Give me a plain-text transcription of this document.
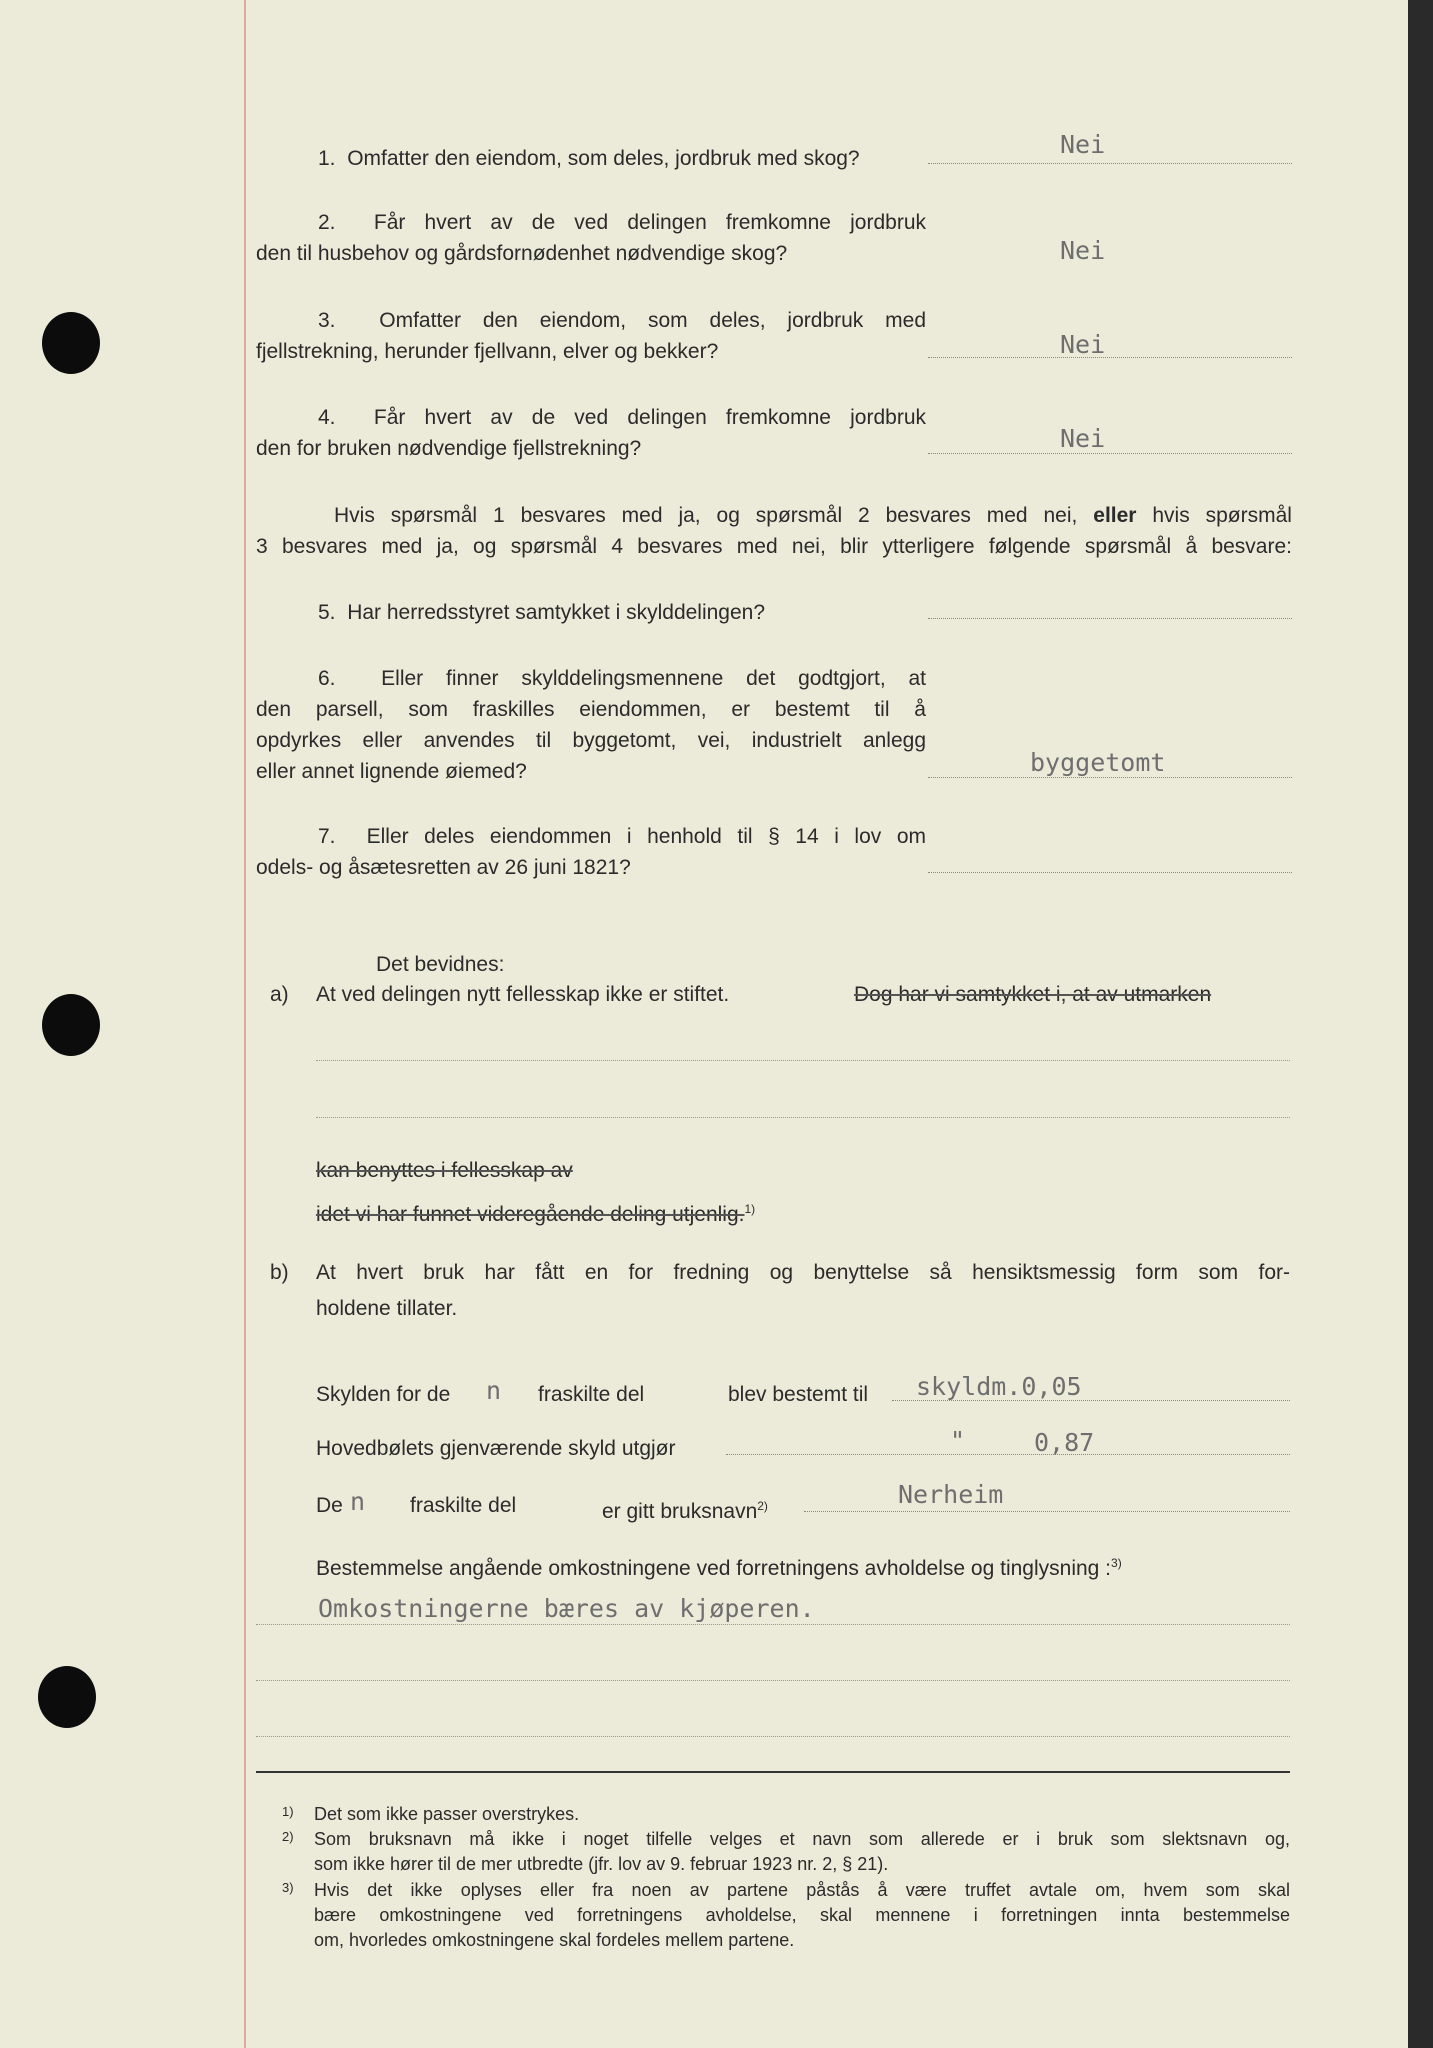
1. Omfatter den eiendom, som deles, jordbruk med skog?	Nei
2. Får hvert av de ved delingen fremkomne jordbruk
den til husbehov og gårdsfornødenhet nødvendige skog?	Nei
3. Omfatter den eiendom, som deles, jordbruk med
fjellstrekning, herunder fjellvann, elver og bekker?	Nei
4. Får hvert av de ved delingen fremkomne jordbruk
den for bruken nødvendige fjellstrekning?	Nei
Hvis spørsmål 1 besvares med ja, og spørsmål 2 besvares med nei, eller hvis spørsmål
3 besvares med ja, og spørsmål 4 besvares med nei, blir ytterligere følgende spørsmål å besvare:
5. Har herredsstyret samtykket i skylddelingen?
6. Eller finner skylddelingsmennene det godtgjort, at
den parsell, som fraskilles eiendommen, er bestemt til å
opdyrkes eller anvendes til byggetomt, vei, industrielt anlegg
eller annet lignende øiemed?	byggetomt
7. Eller deles eiendommen i henhold til § 14 i lov om
odels- og åsætesretten av 26 juni 1821?
Det bevidnes:
a) At ved delingen nytt fellesskap ikke er stiftet.	Dog har vi samtykket i, at av utmarken
kan benyttes i fellesskap av
idet vi har funnet videregående deling utjenlig.$^{1)}$
b) At hvert bruk har fått en for fredning og benyttelse så hensiktsmessig form som for-
holdene tillater.
Skylden for de n fraskilte del	blev bestemt til skyldm.0,05
Hovedbølets gjenværende skyld utgjør	"	0,87
De n fraskilte del	er gitt bruksnavn$^{2)}$	Nerheim
Bestemmelse angående omkostningene ved forretningens avholdelse og tinglysning :$^{3)}$
Omkostningerne bæres av kjøperen.
1) Det som ikke passer overstrykes.
2) Som bruksnavn må ikke i noget tilfelle velges et navn som allerede er i bruk som slektsnavn og,
som ikke hører til de mer utbredte (jfr. lov av 9. februar 1923 nr. 2, § 21).
3) Hvis det ikke oplyses eller fra noen av partene påstås å være truffet avtale om, hvem som skal
bære omkostningene ved forretningens avholdelse, skal mennene i forretningen innta bestemmelse
om, hvorledes omkostningene skal fordeles mellem partene.
